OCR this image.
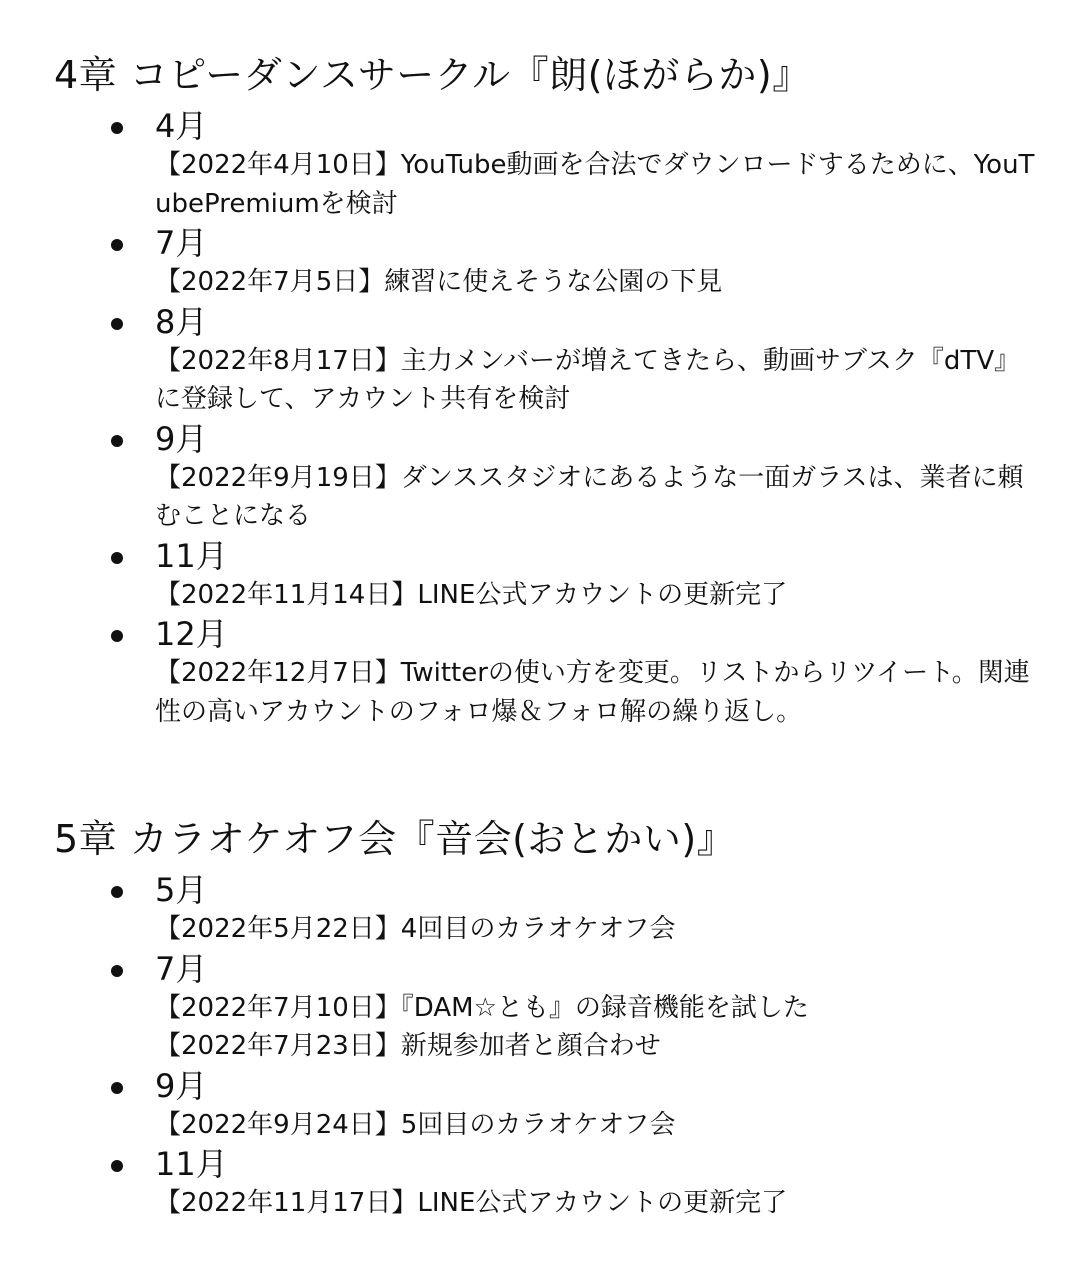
4章 コピーダンスサークル『朗(ほがらか)』
4月
【2022年4月10日】YouTube動画を合法でダウンロードするために、YouTubePremiumを検討
7月
【2022年7月5日】練習に使えそうな公園の下見
8月
【2022年8月17日】主力メンバーが増えてきたら、動画サブスク『dTV』に登録して、アカウント共有を検討
9月
【2022年9月19日】ダンススタジオにあるような一面ガラスは、業者に頼むことになる
11月
【2022年11月14日】LINE公式アカウントの更新完了
12月
【2022年12月7日】Twitterの使い方を変更。リストからリツイート。関連性の高いアカウントのフォロ爆＆フォロ解の繰り返し。
5章 カラオケオフ会『音会(おとかい)』
5月
【2022年5月22日】4回目のカラオケオフ会
7月
【2022年7月10日】『DAM☆とも』の録音機能を試した
【2022年7月23日】新規参加者と顔合わせ
9月
【2022年9月24日】5回目のカラオケオフ会
11月
【2022年11月17日】LINE公式アカウントの更新完了
